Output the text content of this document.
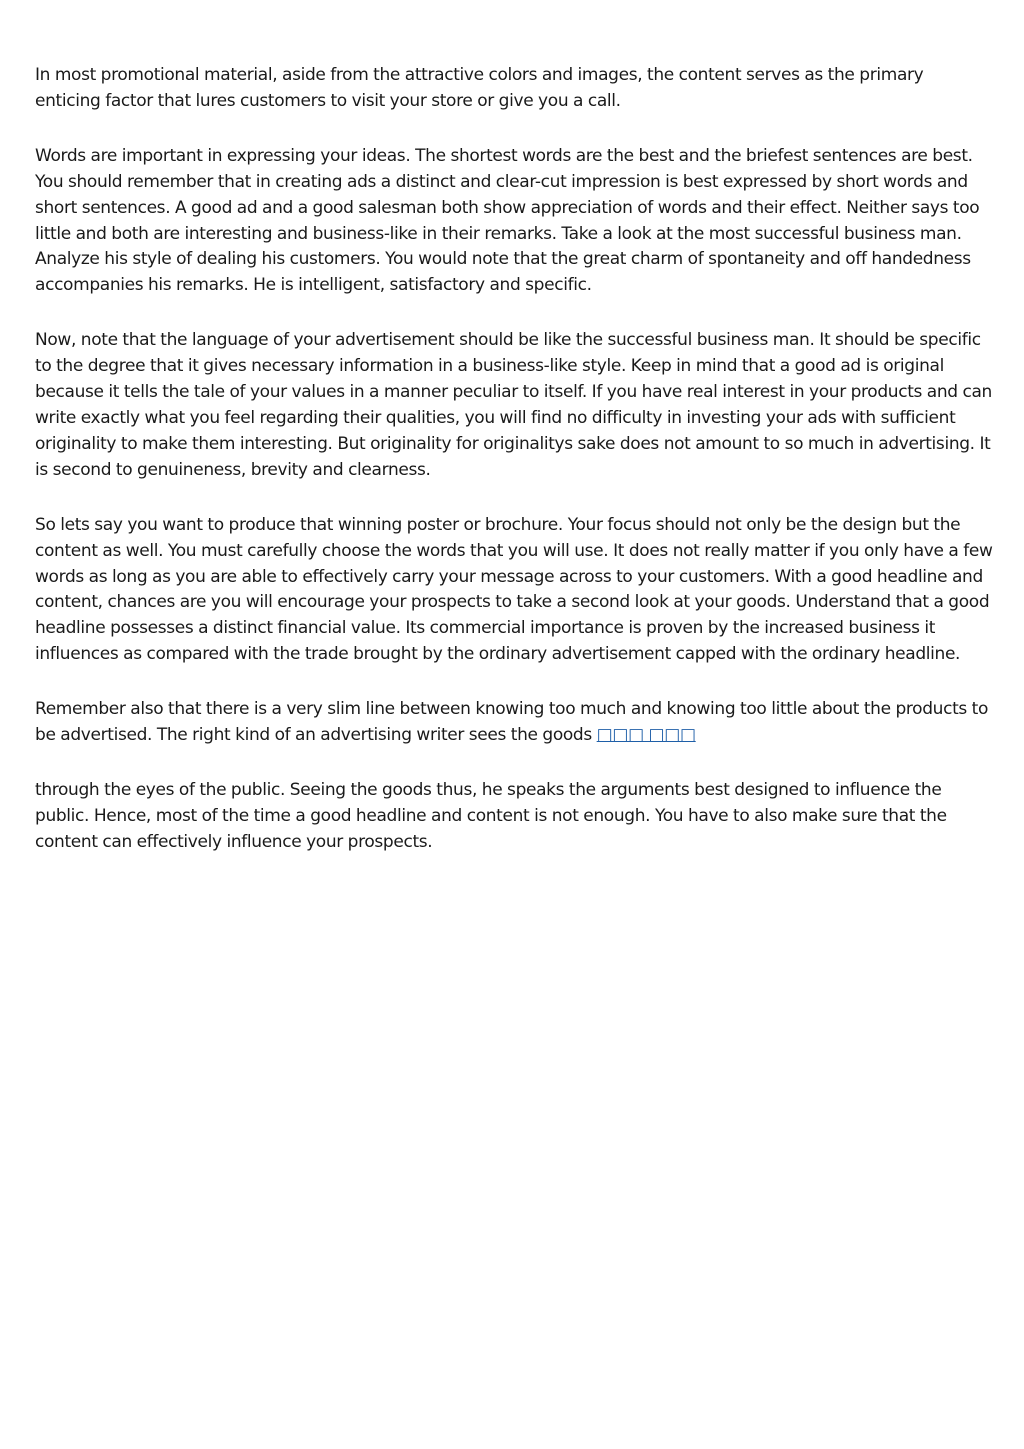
In most promotional material, aside from the attractive colors and images, the content serves as the primary enticing factor that lures customers to visit your store or give you a call.

Words are important in expressing your ideas. The shortest words are the best and the briefest sentences are best. You should remember that in creating ads a distinct and clear-cut impression is best expressed by short words and short sentences. A good ad and a good salesman both show appreciation of words and their effect. Neither says too little and both are interesting and business-like in their remarks. Take a look at the most successful business man. Analyze his style of dealing his customers. You would note that the great charm of spontaneity and off handedness accompanies his remarks. He is intelligent, satisfactory and specific.

Now, note that the language of your advertisement should be like the successful business man. It should be specific to the degree that it gives necessary information in a business-like style. Keep in mind that a good ad is original because it tells the tale of your values in a manner peculiar to itself. If you have real interest in your products and can write exactly what you feel regarding their qualities, you will find no difficulty in investing your ads with sufficient originality to make them interesting. But originality for originalitys sake does not amount to so much in advertising. It is second to genuineness, brevity and clearness.

So lets say you want to produce that winning poster or brochure. Your focus should not only be the design but the content as well. You must carefully choose the words that you will use. It does not really matter if you only have a few words as long as you are able to effectively carry your message across to your customers. With a good headline and content, chances are you will encourage your prospects to take a second look at your goods. Understand that a good headline possesses a distinct financial value. Its commercial importance is proven by the increased business it influences as compared with the trade brought by the ordinary advertisement capped with the ordinary headline.

Remember also that there is a very slim line between knowing too much and knowing too little about the products to be advertised. The right kind of an advertising writer sees the goods □□□ □□□

through the eyes of the public. Seeing the goods thus, he speaks the arguments best designed to influence the public. Hence, most of the time a good headline and content is not enough. You have to also make sure that the content can effectively influence your prospects.
